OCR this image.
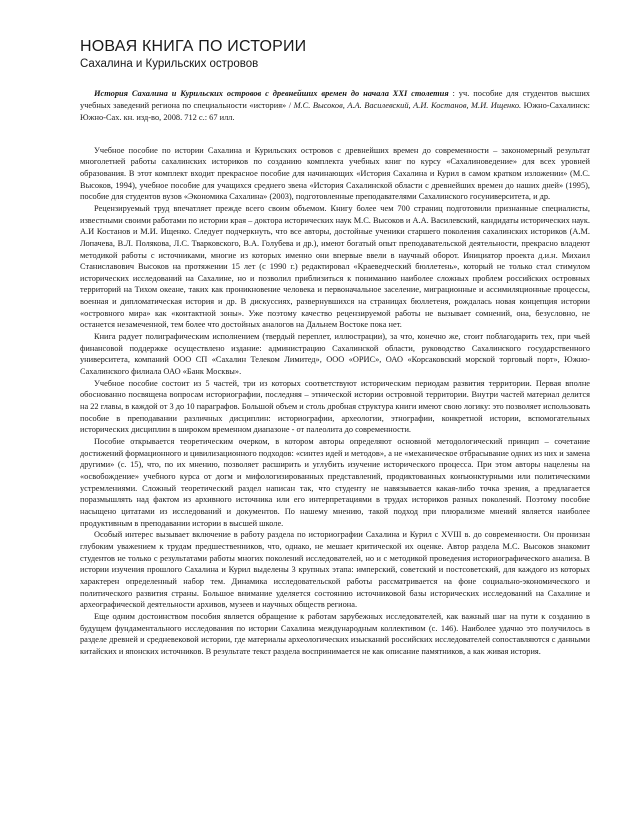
НОВАЯ КНИГА ПО ИСТОРИИ
Сахалина и Курильских островов
История Сахалина и Курильских островов с древнейших времен до начала XXI столетия : уч. пособие для студентов высших учебных заведений региона по специальности «история» / М.С. Высоков, А.А. Василевский, А.И. Костанов, М.И. Ищенко. Южно-Сахалинск: Южно-Сах. кн. изд-во, 2008. 712 с.: 67 илл.

Учебное пособие по истории Сахалина и Курильских островов с древнейших времен до современности – закономерный результат многолетней работы сахалинских историков по созданию комплекта учебных книг по курсу «Сахалиноведение» для всех уровней образования. В этот комплект входит прекрасное пособие для начинающих «История Сахалина и Курил в самом кратком изложении» (М.С. Высоков, 1994), учебное пособие для учащихся среднего звена «История Сахалинской области с древнейших времен до наших дней» (1995), пособие для студентов вузов «Экономика Сахалина» (2003), подготовленные преподавателями Сахалинского госуниверситета, и др.

Рецензируемый труд впечатляет прежде всего своим объемом. Книгу более чем 700 страниц подготовили признанные специалисты, известными своими работами по истории края – доктора исторических наук М.С. Высоков и А.А. Василевский, кандидаты исторических наук. А.И Костанов и М.И. Ищенко. Следует подчеркнуть, что все авторы, достойные ученики старшего поколения сахалинских историков (А.М. Лопачева, В.Л. Полякова, Л.С. Тварковского, В.А. Голубева и др.), имеют богатый опыт преподавательской деятельности, прекрасно владеют методикой работы с источниками, многие из которых именно они впервые ввели в научный оборот. Инициатор проекта д.и.н. Михаил Станиславович Высоков на протяжении 15 лет (с 1990 г.) редактировал «Краеведческий бюллетень», который не только стал стимулом исторических исследований на Сахалине, но и позволил приблизиться к пониманию наиболее сложных проблем российских островных территорий на Тихом океане, таких как проникновение человека и первоначальное заселение, миграционные и ассимиляционные процессы, военная и дипломатическая история и др. В дискуссиях, развернувшихся на страницах бюллетеня, рождалась новая концепция истории «островного мира» как «контактной зоны». Уже поэтому качество рецензируемой работы не вызывает сомнений, она, безусловно, не останется незамеченной, тем более что достойных аналогов на Дальнем Востоке пока нет.

Книга радует полиграфическим исполнением (твердый переплет, иллюстрации), за что, конечно же, стоит поблагодарить тех, при чьей финансовой поддержке осуществлено издание: администрацию Сахалинской области, руководство Сахалинского государственного университета, компаний ООО СП «Сахалин Телеком Лимитед», ООО «ОРИС», ОАО «Корсаковский морской торговый порт», Южно-Сахалинского филиала ОАО «Банк Москвы».

Учебное пособие состоит из 5 частей, три из которых соответствуют историческим периодам развития территории. Первая вполне обоснованно посвящена вопросам историографии, последняя – этнической истории островной территории. Внутри частей материал делится на 22 главы, в каждой от 3 до 10 параграфов. Большой объем и столь дробная структура книги имеют свою логику: это позволяет использовать пособие в преподавании различных дисциплин: историографии, археологии, этнографии, конкретной истории, вспомогательных исторических дисциплин в широком временном диапазоне - от палеолита до современности.

Пособие открывается теоретическим очерком, в котором авторы определяют основной методологический принцип – сочетание достижений формационного и цивилизационного подходов: «синтез идей и методов», а не «механическое отбрасывание одних из них и замена другими» (с. 15), что, по их мнению, позволяет расширить и углубить изучение исторического процесса. При этом авторы нацелены на «освобождение» учебного курса от догм и мифологизированных представлений, продиктованных конъюнктурными или политическими устремлениями. Сложный теоретический раздел написан так, что студенту не навязывается какая-либо точка зрения, а предлагается поразмышлять над фактом из архивного источника или его интерпретациями в трудах историков разных поколений. Поэтому пособие насыщено цитатами из исследований и документов. По нашему мнению, такой подход при плюрализме мнений является наиболее продуктивным в преподавании истории в высшей школе.

Особый интерес вызывает включение в работу раздела по историографии Сахалина и Курил с XVIII в. до современности. Он пронизан глубоким уважением к трудам предшественников, что, однако, не мешает критической их оценке. Автор раздела М.С. Высоков знакомит студентов не только с результатами работы многих поколений исследователей, но и с методикой проведения историографического анализа. В истории изучения прошлого Сахалина и Курил выделены 3 крупных этапа: имперский, советский и постсоветский, для каждого из которых характерен определенный набор тем. Динамика исследовательской работы рассматривается на фоне социально-экономического и политического развития страны. Большое внимание уделяется состоянию источниковой базы исторических исследований на Сахалине и археографической деятельности архивов, музеев и научных обществ региона.

Еще одним достоинством пособия является обращение к работам зарубежных исследователей, как важный шаг на пути к созданию в будущем фундаментального исследования по истории Сахалина международным коллективом (с. 146). Наиболее удачно это получилось в разделе древней и средневековой истории, где материалы археологических изысканий российских исследователей сопоставляются с данными китайских и японских источников. В результате текст раздела воспринимается не как описание памятников, а как живая история.
